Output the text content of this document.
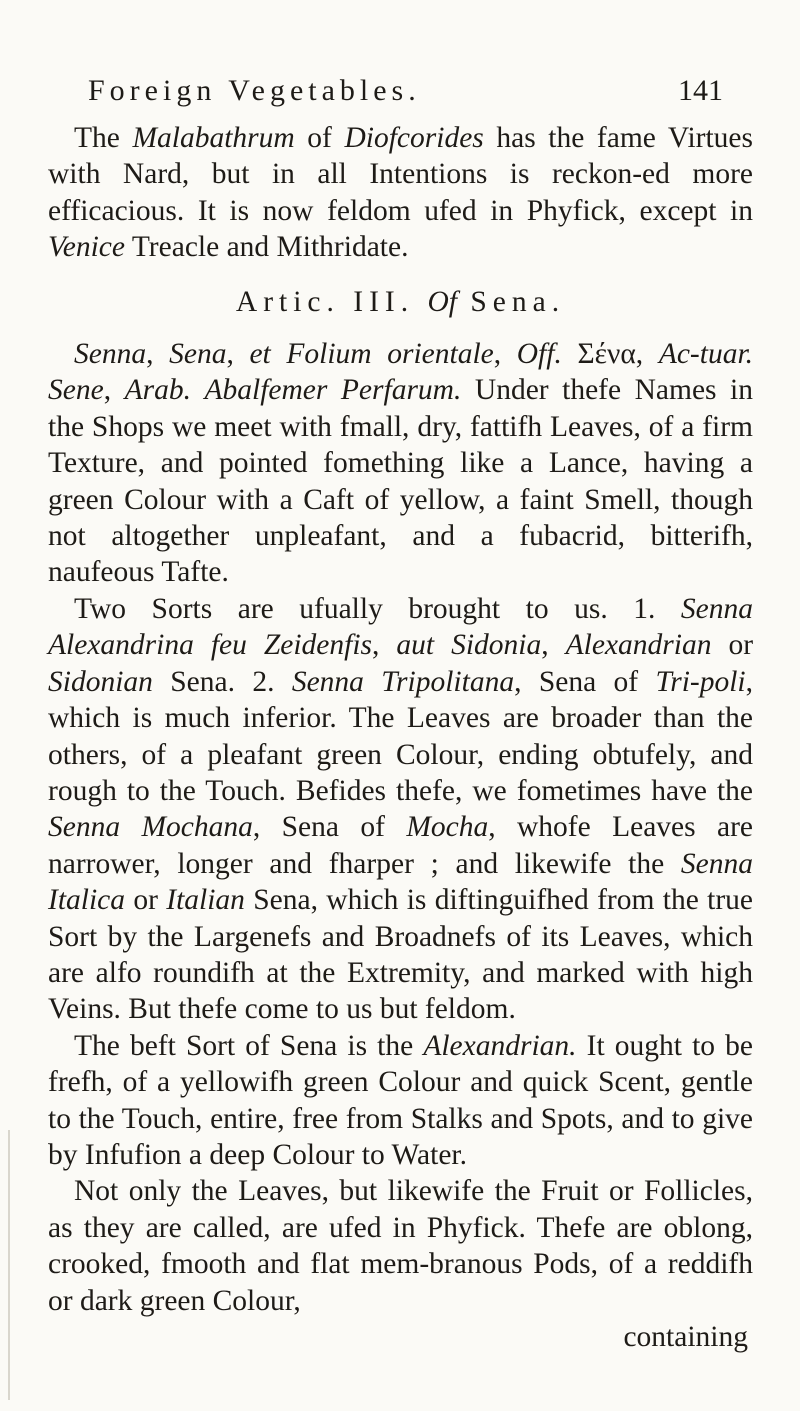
Foreign Vegetables.	141

The Malabathrum of Diofcorides has the fame Virtues with Nard, but in all Intentions is reckon-ed more efficacious. It is now feldom ufed in Phyfick, except in Venice Treacle and Mithridate.

Artic. III. Of Sena.

Senna, Sena, et Folium orientale, Off. Σένα, Ac-tuar. Sene, Arab. Abalfemer Perfarum. Under thefe Names in the Shops we meet with fmall, dry, fattifh Leaves, of a firm Texture, and pointed fomething like a Lance, having a green Colour with a Caft of yellow, a faint Smell, though not altogether unpleafant, and a fubacrid, bitterifh, naufeous Tafte.

Two Sorts are ufually brought to us. 1. Senna Alexandrina feu Zeidenfis, aut Sidonia, Alexandrian or Sidonian Sena. 2. Senna Tripolitana, Sena of Tri-poli, which is much inferior. The Leaves are broader than the others, of a pleafant green Colour, ending obtufely, and rough to the Touch. Befides thefe, we fometimes have the Senna Mochana, Sena of Mocha, whofe Leaves are narrower, longer and fharper ; and likewife the Senna Italica or Italian Sena, which is diftinguifhed from the true Sort by the Largenefs and Broadnefs of its Leaves, which are alfo roundifh at the Extremity, and marked with high Veins. But thefe come to us but feldom.

The beft Sort of Sena is the Alexandrian. It ought to be frefh, of a yellowifh green Colour and quick Scent, gentle to the Touch, entire, free from Stalks and Spots, and to give by Infufion a deep Colour to Water.

Not only the Leaves, but likewife the Fruit or Follicles, as they are called, are ufed in Phyfick. Thefe are oblong, crooked, fmooth and flat mem-branous Pods, of a reddifh or dark green Colour,

containing
